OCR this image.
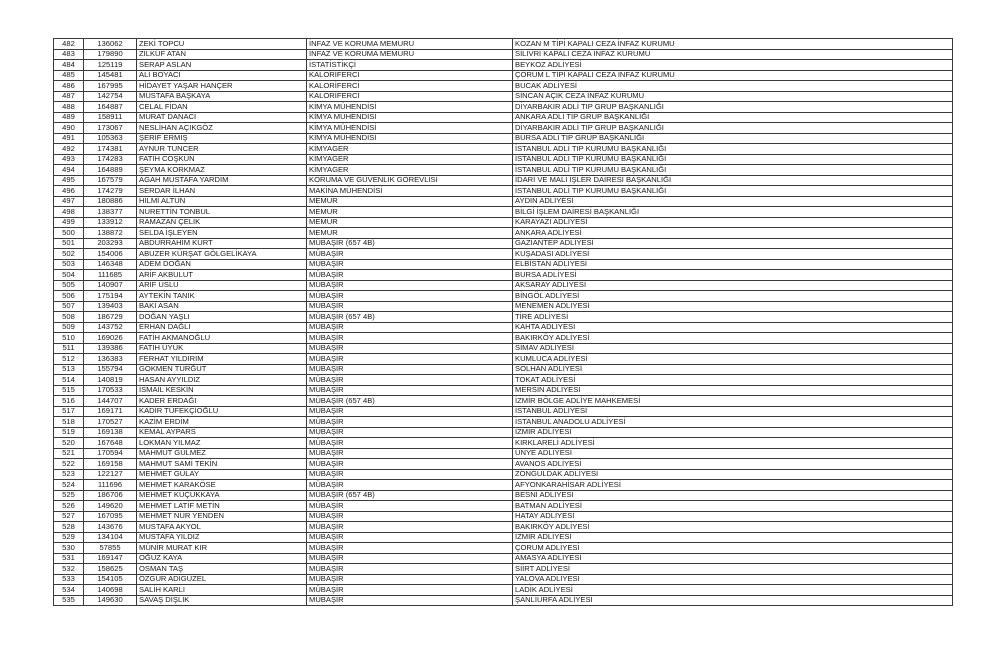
482	136062	ZEKİ TOPCU	İNFAZ VE KORUMA MEMURU	KOZAN M TİPİ KAPALI CEZA İNFAZ KURUMU
483	179890	ZİLKÜF ATAN	İNFAZ VE KORUMA MEMURU	SİLİVRİ KAPALI CEZA İNFAZ KURUMU
484	125119	SERAP ASLAN	İSTATİSTİKÇİ	BEYKOZ ADLİYESİ
485	145481	ALİ BOYACI	KALORİFERCİ	ÇORUM L TİPİ KAPALI CEZA İNFAZ KURUMU
486	167995	HİDAYET YAŞAR HANÇER	KALORİFERCİ	BUCAK ADLİYESİ
487	142754	MUSTAFA BAŞKAYA	KALORİFERCİ	SİNCAN AÇIK CEZA İNFAZ KURUMU
488	164887	CELAL FİDAN	KİMYA MÜHENDİSİ	DİYARBAKIR ADLİ TIP GRUP BAŞKANLIĞI
489	158911	MURAT DANACI	KİMYA MÜHENDİSİ	ANKARA ADLİ TIP GRUP BAŞKANLIĞI
490	173067	NESLİHAN AÇIKGÖZ	KİMYA MÜHENDİSİ	DİYARBAKIR ADLİ TIP GRUP BAŞKANLIĞI
491	105363	ŞERİF ERMİŞ	KİMYA MÜHENDİSİ	BURSA ADLİ TIP GRUP BAŞKANLIĞI
492	174381	AYNUR TUNCER	KİMYAGER	İSTANBUL ADLİ TIP KURUMU BAŞKANLIĞI
493	174283	FATİH COŞKUN	KİMYAGER	İSTANBUL ADLİ TIP KURUMU BAŞKANLIĞI
494	164889	ŞEYMA KORKMAZ	KİMYAGER	İSTANBUL ADLİ TIP KURUMU BAŞKANLIĞI
495	167579	AGAH MUSTAFA YARDIM	KORUMA VE GÜVENLİK GÖREVLİSİ	İDARİ VE MALİ İŞLER DAİRESİ BAŞKANLIĞI
496	174279	SERDAR İLHAN	MAKİNA MÜHENDİSİ	İSTANBUL ADLİ TIP KURUMU BAŞKANLIĞI
497	180886	HİLMİ ALTUN	MEMUR	AYDIN ADLİYESİ
498	138377	NURETTİN TONBUL	MEMUR	BİLGİ İŞLEM DAİRESİ BAŞKANLIĞI
499	133912	RAMAZAN ÇELİK	MEMUR	KARAYAZI ADLİYESİ
500	138872	SELDA İŞLEYEN	MEMUR	ANKARA ADLİYESİ
501	203293	ABDURRAHİM KURT	MÜBAŞİR (657 4B)	GAZİANTEP ADLİYESİ
502	154006	ABUZER KÜRŞAT GÖLGELİKAYA	MÜBAŞİR	KUŞADASI ADLİYESİ
503	146348	ADEM DOĞAN	MÜBAŞİR	ELBİSTAN ADLİYESİ
504	111685	ARİF AKBULUT	MÜBAŞİR	BURSA ADLİYESİ
505	140907	ARİF USLU	MÜBAŞİR	AKSARAY ADLİYESİ
506	175194	AYTEKİN TANIK	MÜBAŞİR	BİNGÖL ADLİYESİ
507	139403	BAKİ ASAN	MÜBAŞİR	MENEMEN ADLİYESİ
508	186729	DOĞAN YAŞLI	MÜBAŞİR (657 4B)	TİRE ADLİYESİ
509	143752	ERHAN DAĞLI	MÜBAŞİR	KAHTA ADLİYESİ
510	169026	FATİH AKMANOĞLU	MÜBAŞİR	BAKIRKÖY ADLİYESİ
511	139386	FATİH ÜYÜK	MÜBAŞİR	SİMAV ADLİYESİ
512	136383	FERHAT YILDIRIM	MÜBAŞİR	KUMLUCA ADLİYESİ
513	155794	GÖKMEN TURĞUT	MÜBAŞİR	SOLHAN ADLİYESİ
514	140819	HASAN AYYILDIZ	MÜBAŞİR	TOKAT ADLİYESİ
515	170533	İSMAİL KESKİN	MÜBAŞİR	MERSİN ADLİYESİ
516	144707	KADER ERDAĞI	MÜBAŞİR (657 4B)	İZMİR BÖLGE ADLİYE MAHKEMESİ
517	169171	KADİR TÜFEKÇİOĞLU	MÜBAŞİR	İSTANBUL ADLİYESİ
518	170527	KAZİM ERDİM	MÜBAŞİR	İSTANBUL ANADOLU ADLİYESİ
519	169138	KEMAL AYPARS	MÜBAŞİR	İZMİR ADLİYESİ
520	167648	LOKMAN YILMAZ	MÜBAŞİR	KIRKLARELİ ADLİYESİ
521	170594	MAHMUT GÜLMEZ	MÜBAŞİR	ÜNYE ADLİYESİ
522	169158	MAHMUT SAMİ TEKİN	MÜBAŞİR	AVANOS ADLİYESİ
523	122127	MEHMET GÜLAY	MÜBAŞİR	ZONGULDAK ADLİYESİ
524	111696	MEHMET KARAKÖSE	MÜBAŞİR	AFYONKARAHİSAR ADLİYESİ
525	186706	MEHMET KÜÇÜKKAYA	MÜBAŞİR (657 4B)	BESNİ ADLİYESİ
526	149620	MEHMET LATİF METİN	MÜBAŞİR	BATMAN ADLİYESİ
527	167095	MEHMET NUR YENDEN	MÜBAŞİR	HATAY ADLİYESİ
528	143676	MUSTAFA AKYOL	MÜBAŞİR	BAKIRKÖY ADLİYESİ
529	134104	MUSTAFA YILDIZ	MÜBAŞİR	İZMİR ADLİYESİ
530	57855	MÜNİR MURAT KIR	MÜBAŞİR	ÇORUM ADLİYESİ
531	169147	OĞUZ KAYA	MÜBAŞİR	AMASYA ADLİYESİ
532	158625	OSMAN TAŞ	MÜBAŞİR	SİİRT ADLİYESİ
533	154105	ÖZGÜR ADIGÜZEL	MÜBAŞİR	YALOVA ADLİYESİ
534	140698	SALİH KARLI	MÜBAŞİR	LADİK ADLİYESİ
535	149630	SAVAŞ DİŞLİK	MÜBAŞİR	ŞANLIURFA ADLİYESİ
